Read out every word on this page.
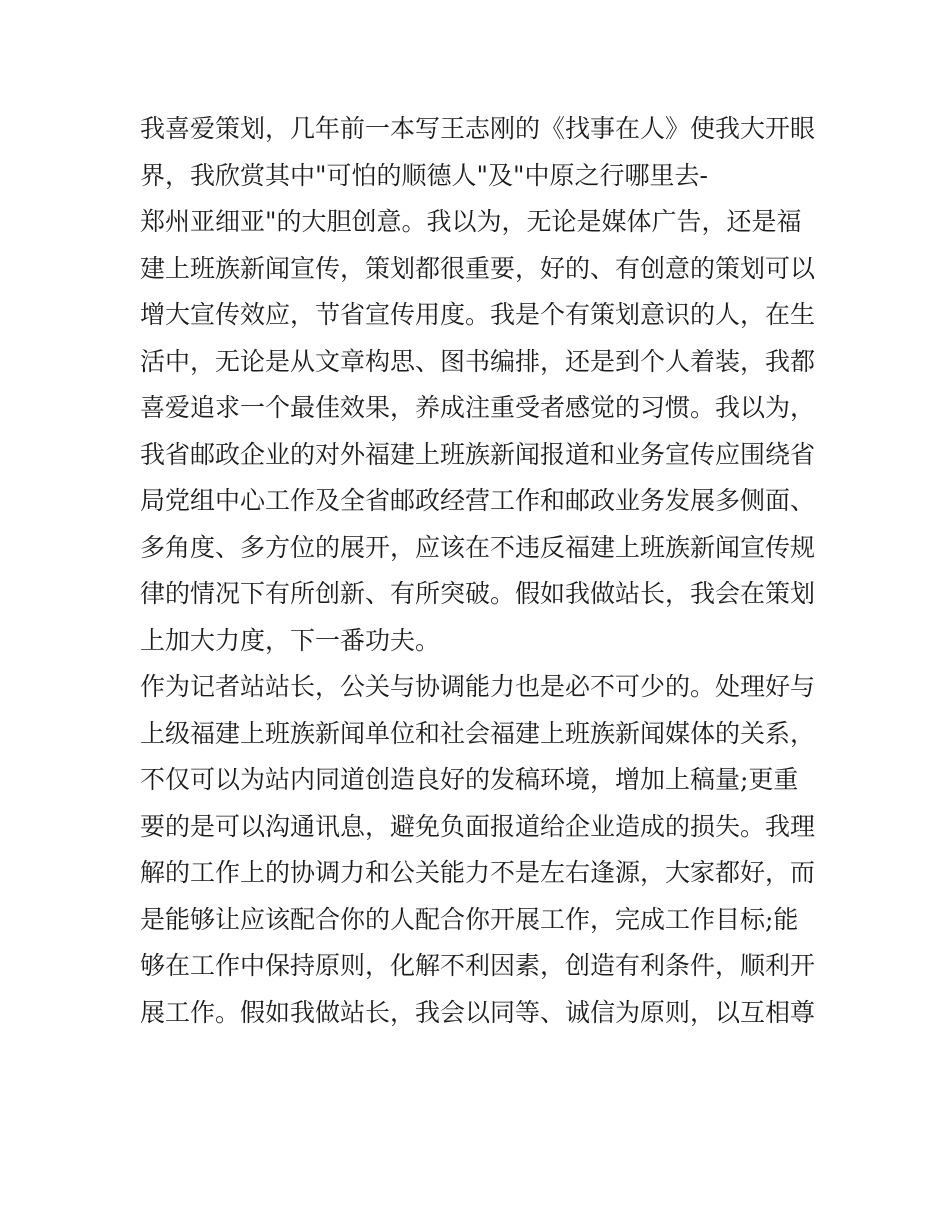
我喜爱策划，几年前一本写王志刚的《找事在人》使我大开眼
界，我欣赏其中"可怕的顺德人"及"中原之行哪里去-
郑州亚细亚"的大胆创意。我以为，无论是媒体广告，还是福
建上班族新闻宣传，策划都很重要，好的、有创意的策划可以
增大宣传效应，节省宣传用度。我是个有策划意识的人，在生
活中，无论是从文章构思、图书编排，还是到个人着装，我都
喜爱追求一个最佳效果，养成注重受者感觉的习惯。我以为，
我省邮政企业的对外福建上班族新闻报道和业务宣传应围绕省
局党组中心工作及全省邮政经营工作和邮政业务发展多侧面、
多角度、多方位的展开，应该在不违反福建上班族新闻宣传规
律的情况下有所创新、有所突破。假如我做站长，我会在策划
上加大力度，下一番功夫。
作为记者站站长，公关与协调能力也是必不可少的。处理好与
上级福建上班族新闻单位和社会福建上班族新闻媒体的关系，
不仅可以为站内同道创造良好的发稿环境，增加上稿量;更重
要的是可以沟通讯息，避免负面报道给企业造成的损失。我理
解的工作上的协调力和公关能力不是左右逢源，大家都好，而
是能够让应该配合你的人配合你开展工作，完成工作目标;能
够在工作中保持原则，化解不利因素，创造有利条件，顺利开
展工作。假如我做站长，我会以同等、诚信为原则，以互相尊
